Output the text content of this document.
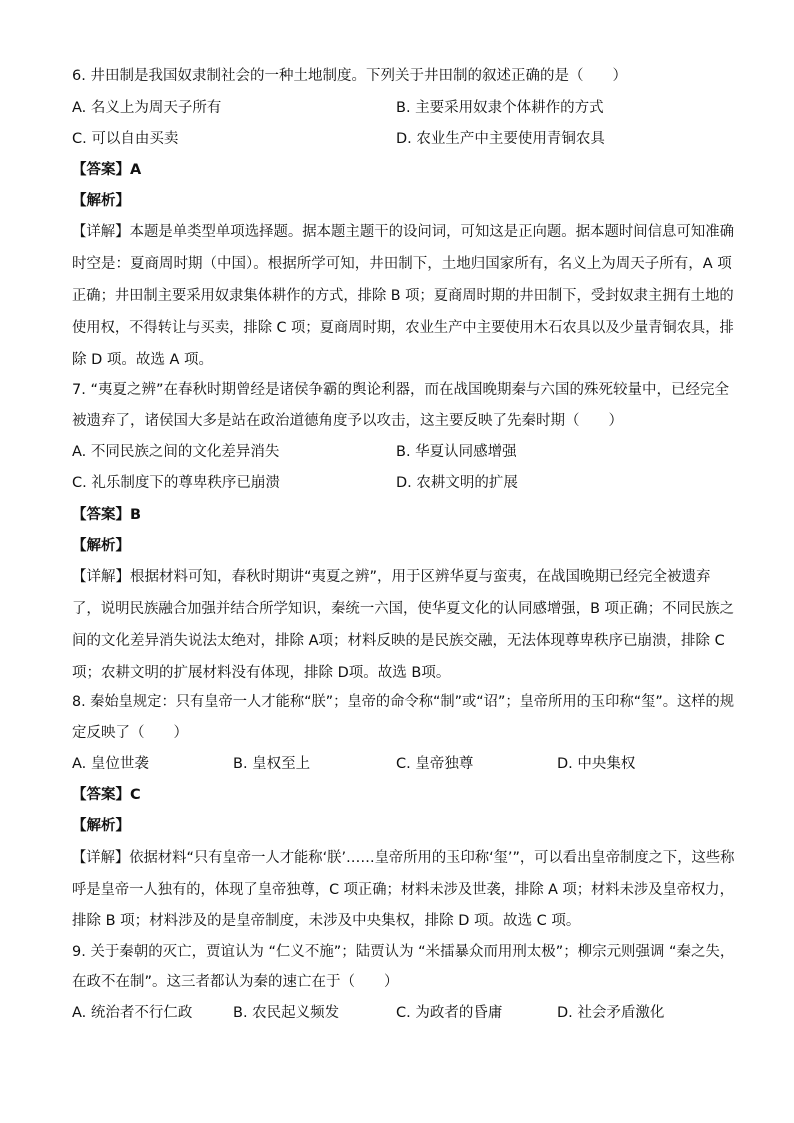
6. 井田制是我国奴隶制社会的一种土地制度。下列关于井田制的叙述正确的是（　　）
A. 名义上为周天子所有	B. 主要采用奴隶个体耕作的方式
C. 可以自由买卖	D. 农业生产中主要使用青铜农具
【答案】A
【解析】
【详解】本题是单类型单项选择题。据本题主题干的设问词，可知这是正向题。据本题时间信息可知准确
时空是：夏商周时期（中国）。根据所学可知，井田制下，土地归国家所有，名义上为周天子所有，A 项
正确；井田制主要采用奴隶集体耕作的方式，排除 B 项；夏商周时期的井田制下，受封奴隶主拥有土地的
使用权，不得转让与买卖，排除 C 项；夏商周时期，农业生产中主要使用木石农具以及少量青铜农具，排
除 D 项。故选 A 项。
7. “夷夏之辨”在春秋时期曾经是诸侯争霸的舆论利器，而在战国晚期秦与六国的殊死较量中，已经完全
被遗弃了，诸侯国大多是站在政治道德角度予以攻击，这主要反映了先秦时期（　　）
A. 不同民族之间的文化差异消失	B. 华夏认同感增强
C. 礼乐制度下的尊卑秩序已崩溃	D. 农耕文明的扩展
【答案】B
【解析】
【详解】根据材料可知，春秋时期讲“夷夏之辨”，用于区辨华夏与蛮夷，在战国晚期已经完全被遗弃
了，说明民族融合加强并结合所学知识，秦统一六国，使华夏文化的认同感增强，B 项正确；不同民族之
间的文化差异消失说法太绝对，排除 A项；材料反映的是民族交融，无法体现尊卑秩序已崩溃，排除 C
项；农耕文明的扩展材料没有体现，排除 D项。故选 B项。
8. 秦始皇规定：只有皇帝一人才能称“朕”；皇帝的命令称“制”或“诏”；皇帝所用的玉印称“玺”。这样的规
定反映了（　　）
A. 皇位世袭	B. 皇权至上	C. 皇帝独尊	D. 中央集权
【答案】C
【解析】
【详解】依据材料“只有皇帝一人才能称‘朕’……皇帝所用的玉印称‘玺’”，可以看出皇帝制度之下，这些称
呼是皇帝一人独有的，体现了皇帝独尊，C 项正确；材料未涉及世袭，排除 A 项；材料未涉及皇帝权力，
排除 B 项；材料涉及的是皇帝制度，未涉及中央集权，排除 D 项。故选 C 项。
9. 关于秦朝的灭亡，贾谊认为 “仁义不施”；陆贾认为 “米擂暴众而用刑太极”；柳宗元则强调 “秦之失，
在政不在制”。这三者都认为秦的速亡在于（　　）
A. 统治者不行仁政	B. 农民起义频发	C. 为政者的昏庸	D. 社会矛盾激化
